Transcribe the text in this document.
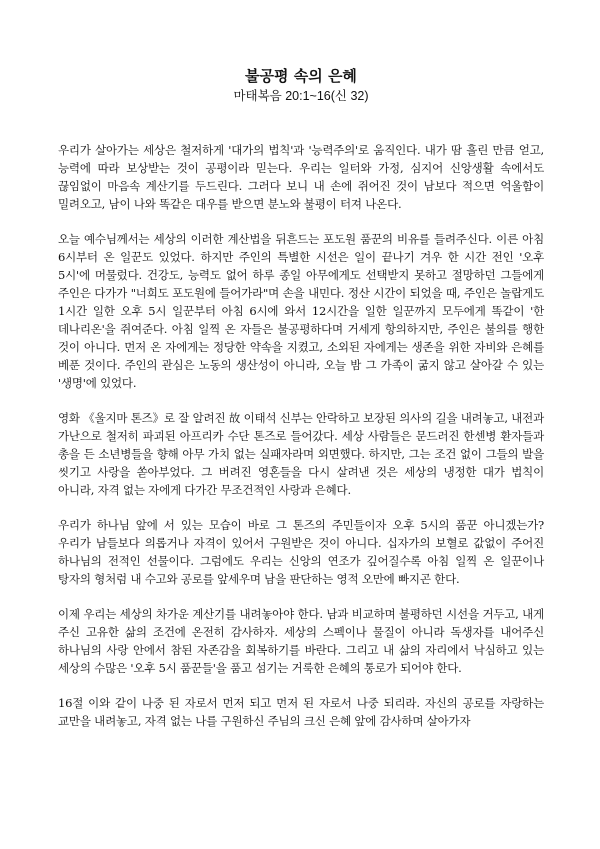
불공평 속의 은혜

마태복음 20:1~16(신 32)

우리가 살아가는 세상은 철저하게 '대가의 법칙'과 '능력주의'로 움직인다. 내가 땀 흘린 만큼 얻고, 능력에 따라 보상받는 것이 공평이라 믿는다. 우리는 일터와 가정, 심지어 신앙생활 속에서도 끊임없이 마음속 계산기를 두드린다. 그러다 보니 내 손에 쥐어진 것이 남보다 적으면 억울함이 밀려오고, 남이 나와 똑같은 대우를 받으면 분노와 불평이 터져 나온다.

오늘 예수님께서는 세상의 이러한 계산법을 뒤흔드는 포도원 품꾼의 비유를 들려주신다. 이른 아침 6시부터 온 일꾼도 있었다. 하지만 주인의 특별한 시선은 일이 끝나기 겨우 한 시간 전인 '오후 5시'에 머물렀다. 건강도, 능력도 없어 하루 종일 아무에게도 선택받지 못하고 절망하던 그들에게 주인은 다가가 "너희도 포도원에 들어가라"며 손을 내민다. 정산 시간이 되었을 때, 주인은 놀랍게도 1시간 일한 오후 5시 일꾼부터 아침 6시에 와서 12시간을 일한 일꾼까지 모두에게 똑같이 '한 데나리온'을 쥐여준다. 아침 일찍 온 자들은 불공평하다며 거세게 항의하지만, 주인은 불의를 행한 것이 아니다. 먼저 온 자에게는 정당한 약속을 지켰고, 소외된 자에게는 생존을 위한 자비와 은혜를 베푼 것이다. 주인의 관심은 노동의 생산성이 아니라, 오늘 밤 그 가족이 굶지 않고 살아갈 수 있는 '생명'에 있었다.

영화 《울지마 톤즈》로 잘 알려진 故 이태석 신부는 안락하고 보장된 의사의 길을 내려놓고, 내전과 가난으로 철저히 파괴된 아프리카 수단 톤즈로 들어갔다. 세상 사람들은 문드러진 한센병 환자들과 총을 든 소년병들을 향해 아무 가치 없는 실패자라며 외면했다. 하지만, 그는 조건 없이 그들의 발을 씻기고 사랑을 쏟아부었다. 그 버려진 영혼들을 다시 살려낸 것은 세상의 냉정한 대가 법칙이 아니라, 자격 없는 자에게 다가간 무조건적인 사랑과 은혜다.

우리가 하나님 앞에 서 있는 모습이 바로 그 톤즈의 주민들이자 오후 5시의 품꾼 아니겠는가? 우리가 남들보다 의롭거나 자격이 있어서 구원받은 것이 아니다. 십자가의 보혈로 값없이 주어진 하나님의 전적인 선물이다. 그럼에도 우리는 신앙의 연조가 깊어질수록 아침 일찍 온 일꾼이나 탕자의 형처럼 내 수고와 공로를 앞세우며 남을 판단하는 영적 오만에 빠지곤 한다.

이제 우리는 세상의 차가운 계산기를 내려놓아야 한다. 남과 비교하며 불평하던 시선을 거두고, 내게 주신 고유한 삶의 조건에 온전히 감사하자. 세상의 스펙이나 물질이 아니라 독생자를 내어주신 하나님의 사랑 안에서 참된 자존감을 회복하기를 바란다. 그리고 내 삶의 자리에서 낙심하고 있는 세상의 수많은 '오후 5시 품꾼들'을 품고 섬기는 거룩한 은혜의 통로가 되어야 한다.

16절 이와 같이 나중 된 자로서 먼저 되고 먼저 된 자로서 나중 되리라. 자신의 공로를 자랑하는 교만을 내려놓고, 자격 없는 나를 구원하신 주님의 크신 은혜 앞에 감사하며 살아가자
